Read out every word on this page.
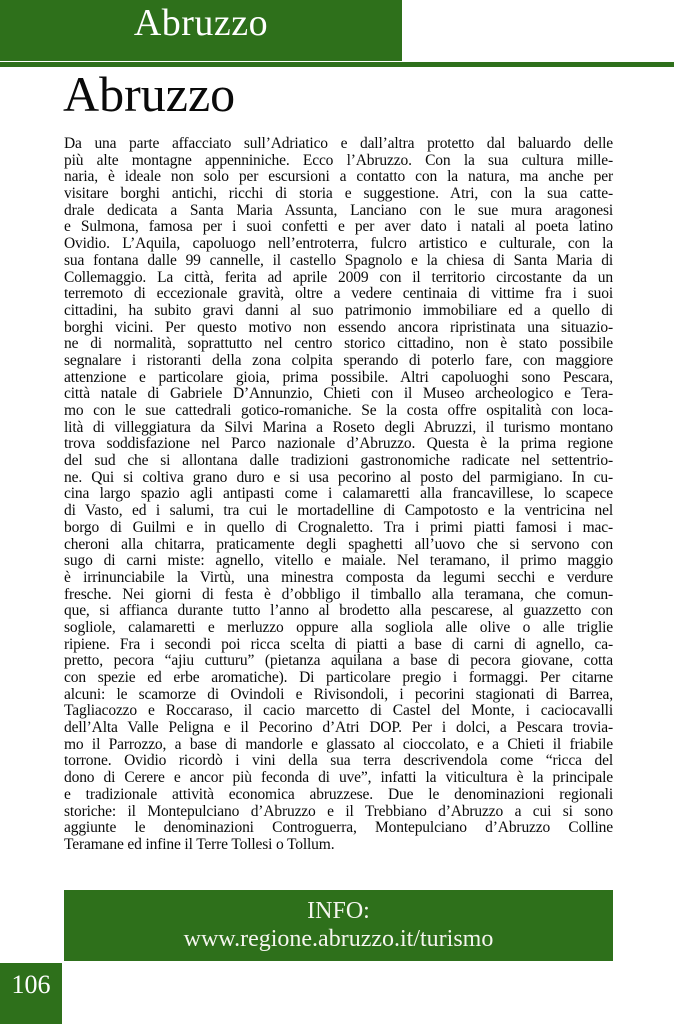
Abruzzo
Abruzzo
Da una parte affacciato sull’Adriatico e dall’altra protetto dal baluardo delle
più alte montagne appenniniche. Ecco l’Abruzzo. Con la sua cultura mille-
naria, è ideale non solo per escursioni a contatto con la natura, ma anche per
visitare borghi antichi, ricchi di storia e suggestione. Atri, con la sua catte-
drale dedicata a Santa Maria Assunta, Lanciano con le sue mura aragonesi
e Sulmona, famosa per i suoi confetti e per aver dato i natali al poeta latino
Ovidio. L’Aquila, capoluogo nell’entroterra, fulcro artistico e culturale, con la
sua fontana dalle 99 cannelle, il castello Spagnolo e la chiesa di Santa Maria di
Collemaggio. La città, ferita ad aprile 2009 con il territorio circostante da un
terremoto di eccezionale gravità, oltre a vedere centinaia di vittime fra i suoi
cittadini, ha subito gravi danni al suo patrimonio immobiliare ed a quello di
borghi vicini. Per questo motivo non essendo ancora ripristinata una situazio-
ne di normalità, soprattutto nel centro storico cittadino, non è stato possibile
segnalare i ristoranti della zona colpita sperando di poterlo fare, con maggiore
attenzione e particolare gioia, prima possibile. Altri capoluoghi sono Pescara,
città natale di Gabriele D’Annunzio, Chieti con il Museo archeologico e Tera-
mo con le sue cattedrali gotico-romaniche. Se la costa offre ospitalità con loca-
lità di villeggiatura da Silvi Marina a Roseto degli Abruzzi, il turismo montano
trova soddisfazione nel Parco nazionale d’Abruzzo. Questa è la prima regione
del sud che si allontana dalle tradizioni gastronomiche radicate nel settentrio-
ne. Qui si coltiva grano duro e si usa pecorino al posto del parmigiano. In cu-
cina largo spazio agli antipasti come i calamaretti alla francavillese, lo scapece
di Vasto, ed i salumi, tra cui le mortadelline di Campotosto e la ventricina nel
borgo di Guilmi e in quello di Crognaletto. Tra i primi piatti famosi i mac-
cheroni alla chitarra, praticamente degli spaghetti all’uovo che si servono con
sugo di carni miste: agnello, vitello e maiale. Nel teramano, il primo maggio
è irrinunciabile la Virtù, una minestra composta da legumi secchi e verdure
fresche. Nei giorni di festa è d’obbligo il timballo alla teramana, che comun-
que, si affianca durante tutto l’anno al brodetto alla pescarese, al guazzetto con
sogliole, calamaretti e merluzzo oppure alla sogliola alle olive o alle triglie
ripiene. Fra i secondi poi ricca scelta di piatti a base di carni di agnello, ca-
pretto, pecora “ajiu cutturu” (pietanza aquilana a base di pecora giovane, cotta
con spezie ed erbe aromatiche). Di particolare pregio i formaggi. Per citarne
alcuni: le scamorze di Ovindoli e Rivisondoli, i pecorini stagionati di Barrea,
Tagliacozzo e Roccaraso, il cacio marcetto di Castel del Monte, i caciocavalli
dell’Alta Valle Peligna e il Pecorino d’Atri DOP. Per i dolci, a Pescara trovia-
mo il Parrozzo, a base di mandorle e glassato al cioccolato, e a Chieti il friabile
torrone. Ovidio ricordò i vini della sua terra descrivendola come “ricca del
dono di Cerere e ancor più feconda di uve”, infatti la viticultura è la principale
e tradizionale attività economica abruzzese. Due le denominazioni regionali
storiche: il Montepulciano d’Abruzzo e il Trebbiano d’Abruzzo a cui si sono
aggiunte le denominazioni Controguerra, Montepulciano d’Abruzzo Colline
Teramane ed infine il Terre Tollesi o Tollum.
INFO:
www.regione.abruzzo.it/turismo
106
